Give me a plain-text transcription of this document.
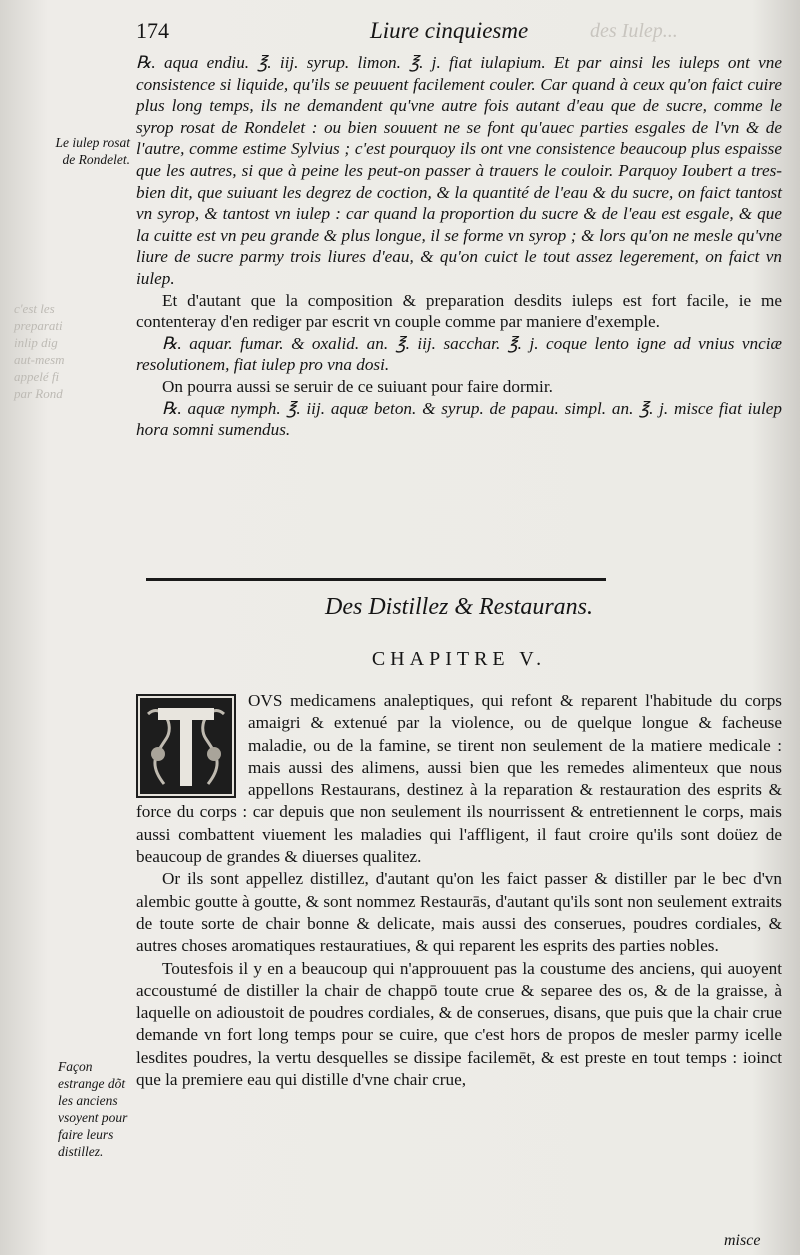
c'est les
preparati
inlip dig
aut-mesm
appelé fi
par Rond
174	Liure cinquiesme	des Iulep...
Le iulep rosat de Rondelet.

℞. aqua endiu. ℥. iij. syrup. limon. ℥. j. fiat iulapium. Et par ainsi les iuleps ont vne consistence si liquide, qu'ils se peuuent facilement couler. Car quand à ceux qu'on faict cuire plus long temps, ils ne demandent qu'vne autre fois autant d'eau que de sucre, comme le syrop rosat de Rondelet : ou bien souuent ne se font qu'auec parties esgales de l'vn & de l'autre, comme estime Sylvius ; c'est pourquoy ils ont vne consistence beaucoup plus espaisse que les autres, si que à peine les peut-on passer à trauers le couloir. Parquoy Ioubert a tres-bien dit, que suiuant les degrez de coction, & la quantité de l'eau & du sucre, on faict tantost vn syrop, & tantost vn iulep : car quand la proportion du sucre & de l'eau est esgale, & que la cuitte est vn peu grande & plus longue, il se forme vn syrop ; & lors qu'on ne mesle qu'vne liure de sucre parmy trois liures d'eau, & qu'on cuict le tout assez legerement, on faict vn iulep.

Et d'autant que la composition & preparation desdits iuleps est fort facile, ie me contenteray d'en rediger par escrit vn couple comme par maniere d'exemple.

℞. aquar. fumar. & oxalid. an. ℥. iij. sacchar. ℥. j. coque lento igne ad vnius vnciæ resolutionem, fiat iulep pro vna dosi.

On pourra aussi se seruir de ce suiuant pour faire dormir.

℞. aquæ nymph. ℥. iij. aquæ beton. & syrup. de papau. simpl. an. ℥. j. misce fiat iulep hora somni sumendus.

Des Distillez & Restaurans.
CHAPITRE V.
T

OVS medicamens analeptiques, qui refont & reparent l'habitude du corps amaigri & extenué par la violence, ou de quelque longue & facheuse maladie, ou de la famine, se tirent non seulement de la matiere medicale : mais aussi des alimens, aussi bien que les remedes alimenteux que nous appellons Restaurans, destinez à la reparation & restauration des esprits & force du corps : car depuis que non seulement ils nourrissent & entretiennent le corps, mais aussi combattent viuement les maladies qui l'affligent, il faut croire qu'ils sont doüez de beaucoup de grandes & diuerses qualitez.

Or ils sont appellez distillez, d'autant qu'on les faict passer & distiller par le bec d'vn alembic goutte à goutte, & sont nommez Restaurās, d'autant qu'ils sont non seulement extraits de toute sorte de chair bonne & delicate, mais aussi des conserues, poudres cordiales, & autres choses aromatiques restauratiues, & qui reparent les esprits des parties nobles.

Toutesfois il y en a beaucoup qui n'approuuent pas la coustume des anciens, qui auoyent accoustumé de distiller la chair de chappō toute crue & separee des os, & de la graisse, à laquelle on adioustoit de poudres cordiales, & de conserues, disans, que puis que la chair crue demande vn fort long temps pour se cuire, que c'est hors de propos de mesler parmy icelle lesdites poudres, la vertu desquelles se dissipe facilemēt, & est preste en tout temps : ioinct que la premiere eau qui distille d'vne chair crue,

Façon estrange dõt les anciens vsoyent pour faire leurs distillez.
misce
